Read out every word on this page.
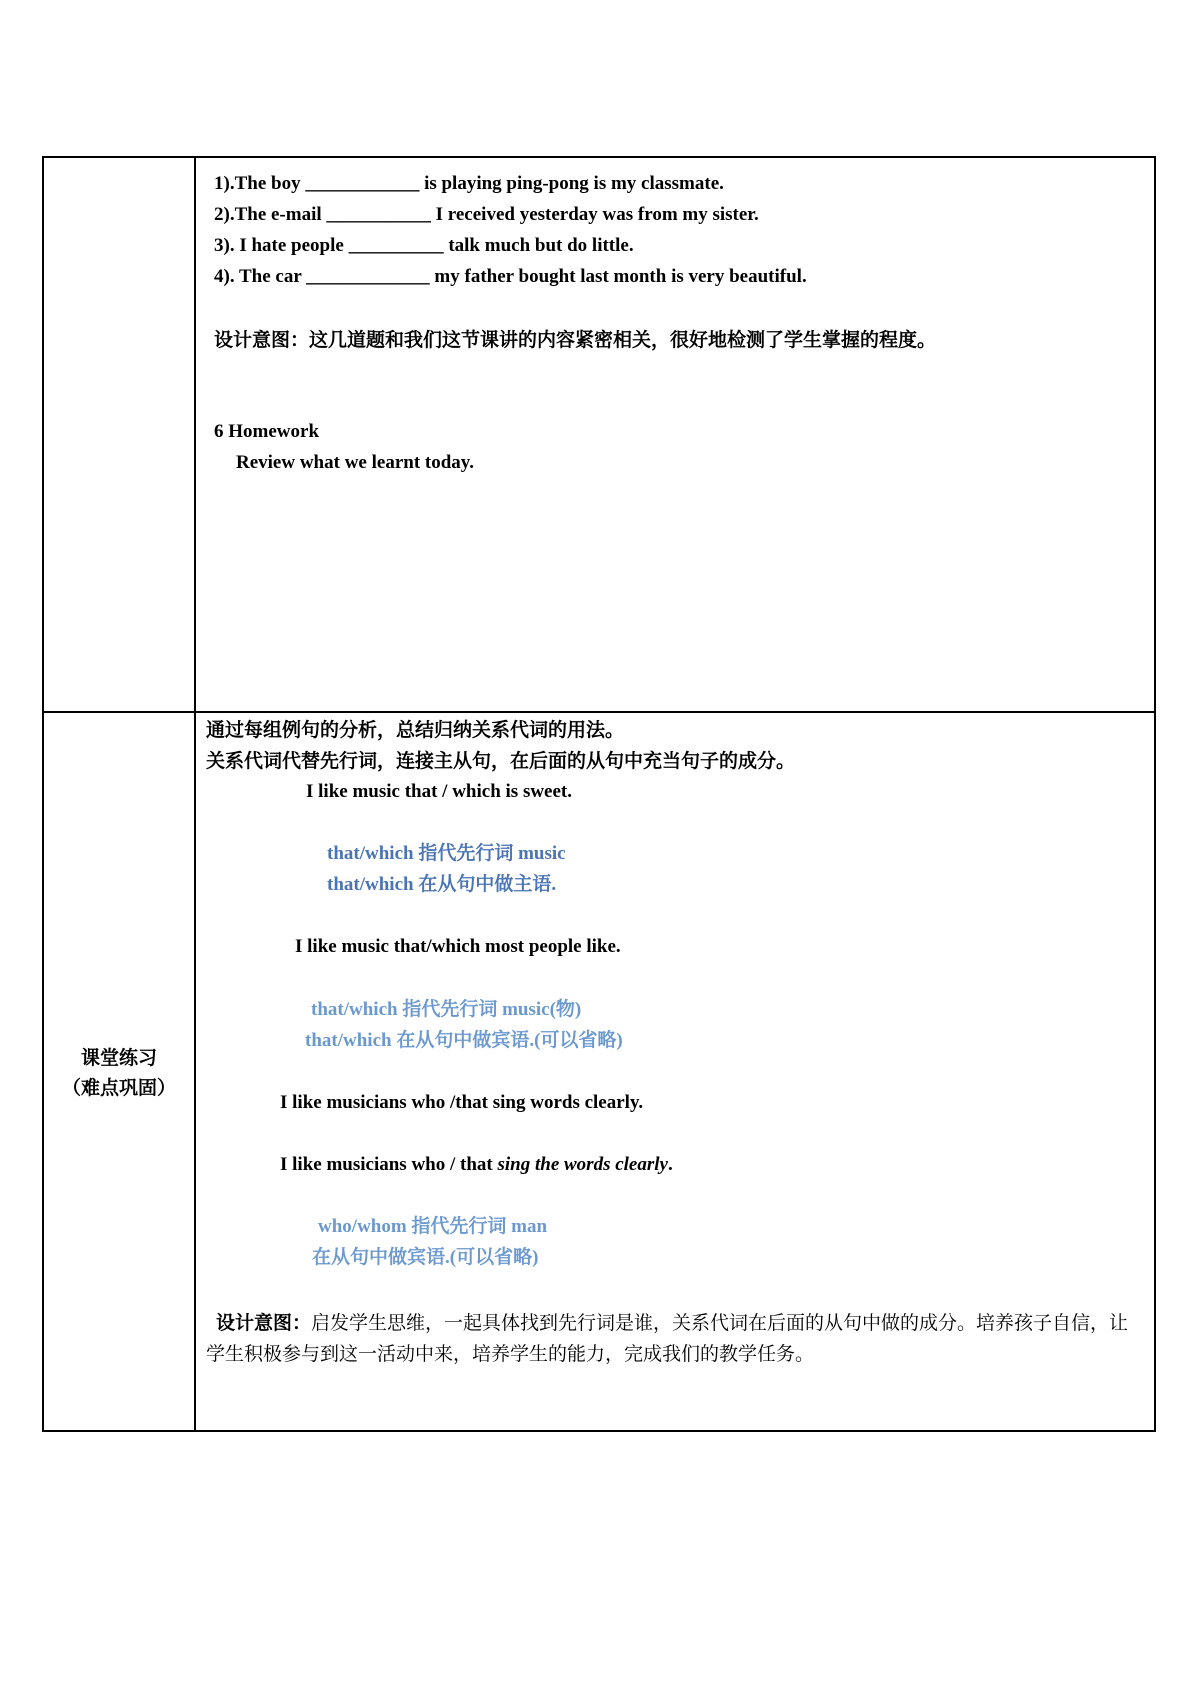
1).The boy ____________ is playing ping-pong is my classmate.
2).The e-mail ___________ I received yesterday was from my sister.
3). I hate people __________ talk much but do little.
4). The car _____________ my father bought last month is very beautiful.
设计意图：这几道题和我们这节课讲的内容紧密相关，很好地检测了学生掌握的程度。
6 Homework
Review what we learnt today.
课堂练习
（难点巩固）
通过每组例句的分析，总结归纳关系代词的用法。
关系代词代替先行词，连接主从句，在后面的从句中充当句子的成分。
I like music that / which is sweet.
that/which 指代先行词 music
that/which 在从句中做主语.
I like music that/which most people like.
that/which 指代先行词 music(物)
that/which 在从句中做宾语.(可以省略)
I like musicians who /that sing words clearly.
I like musicians who / that sing the words clearly.
who/whom 指代先行词 man
在从句中做宾语.(可以省略)
设计意图：启发学生思维，一起具体找到先行词是谁，关系代词在后面的从句中做的成分。培养孩子自信，让学生积极参与到这一活动中来，培养学生的能力，完成我们的教学任务。
